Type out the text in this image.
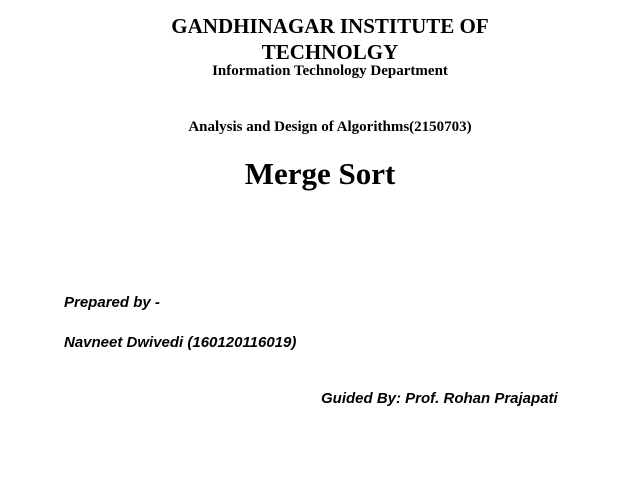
GANDHINAGAR INSTITUTE OF
TECHNOLGY
Information Technology Department
Analysis and Design of Algorithms(2150703)
Merge Sort
Prepared by -
Navneet Dwivedi (160120116019)
Guided By: Prof. Rohan Prajapati
